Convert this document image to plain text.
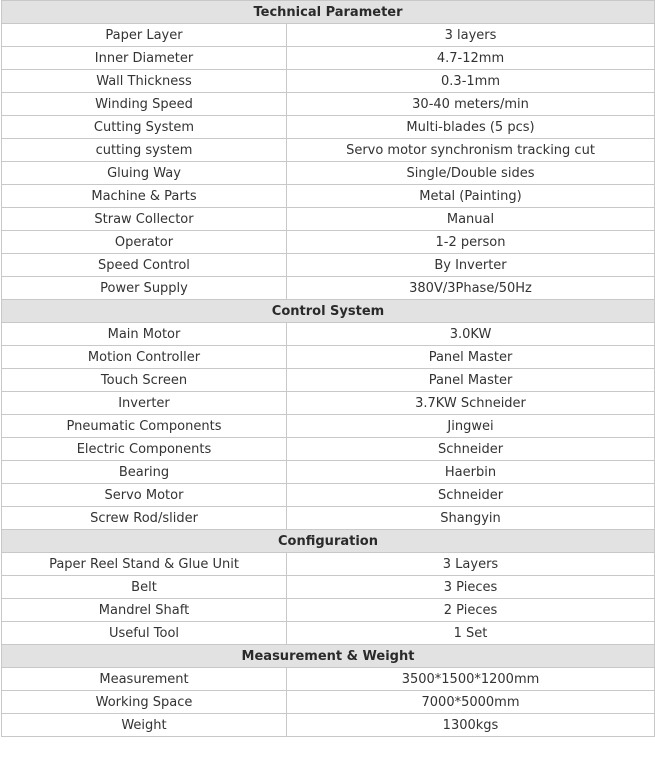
Technical Parameter	
Paper Layer	3 layers
Inner Diameter	4.7-12mm
Wall Thickness	0.3-1mm
Winding Speed	30-40 meters/min
Cutting System	Multi-blades (5 pcs)
cutting system	Servo motor synchronism tracking cut
Gluing Way	Single/Double sides
Machine & Parts	Metal (Painting)
Straw Collector	Manual
Operator	1-2 person
Speed Control	By Inverter
Power Supply	380V/3Phase/50Hz
Control System	
Main Motor	3.0KW
Motion Controller	Panel Master
Touch Screen	Panel Master
Inverter	3.7KW Schneider
Pneumatic Components	Jingwei
Electric Components	Schneider
Bearing	Haerbin
Servo Motor	Schneider
Screw Rod/slider	Shangyin
Configuration	
Paper Reel Stand & Glue Unit	3 Layers
Belt	3 Pieces
Mandrel Shaft	2 Pieces
Useful Tool	1 Set
Measurement & Weight	
Measurement	3500*1500*1200mm
Working Space	7000*5000mm
Weight	1300kgs
